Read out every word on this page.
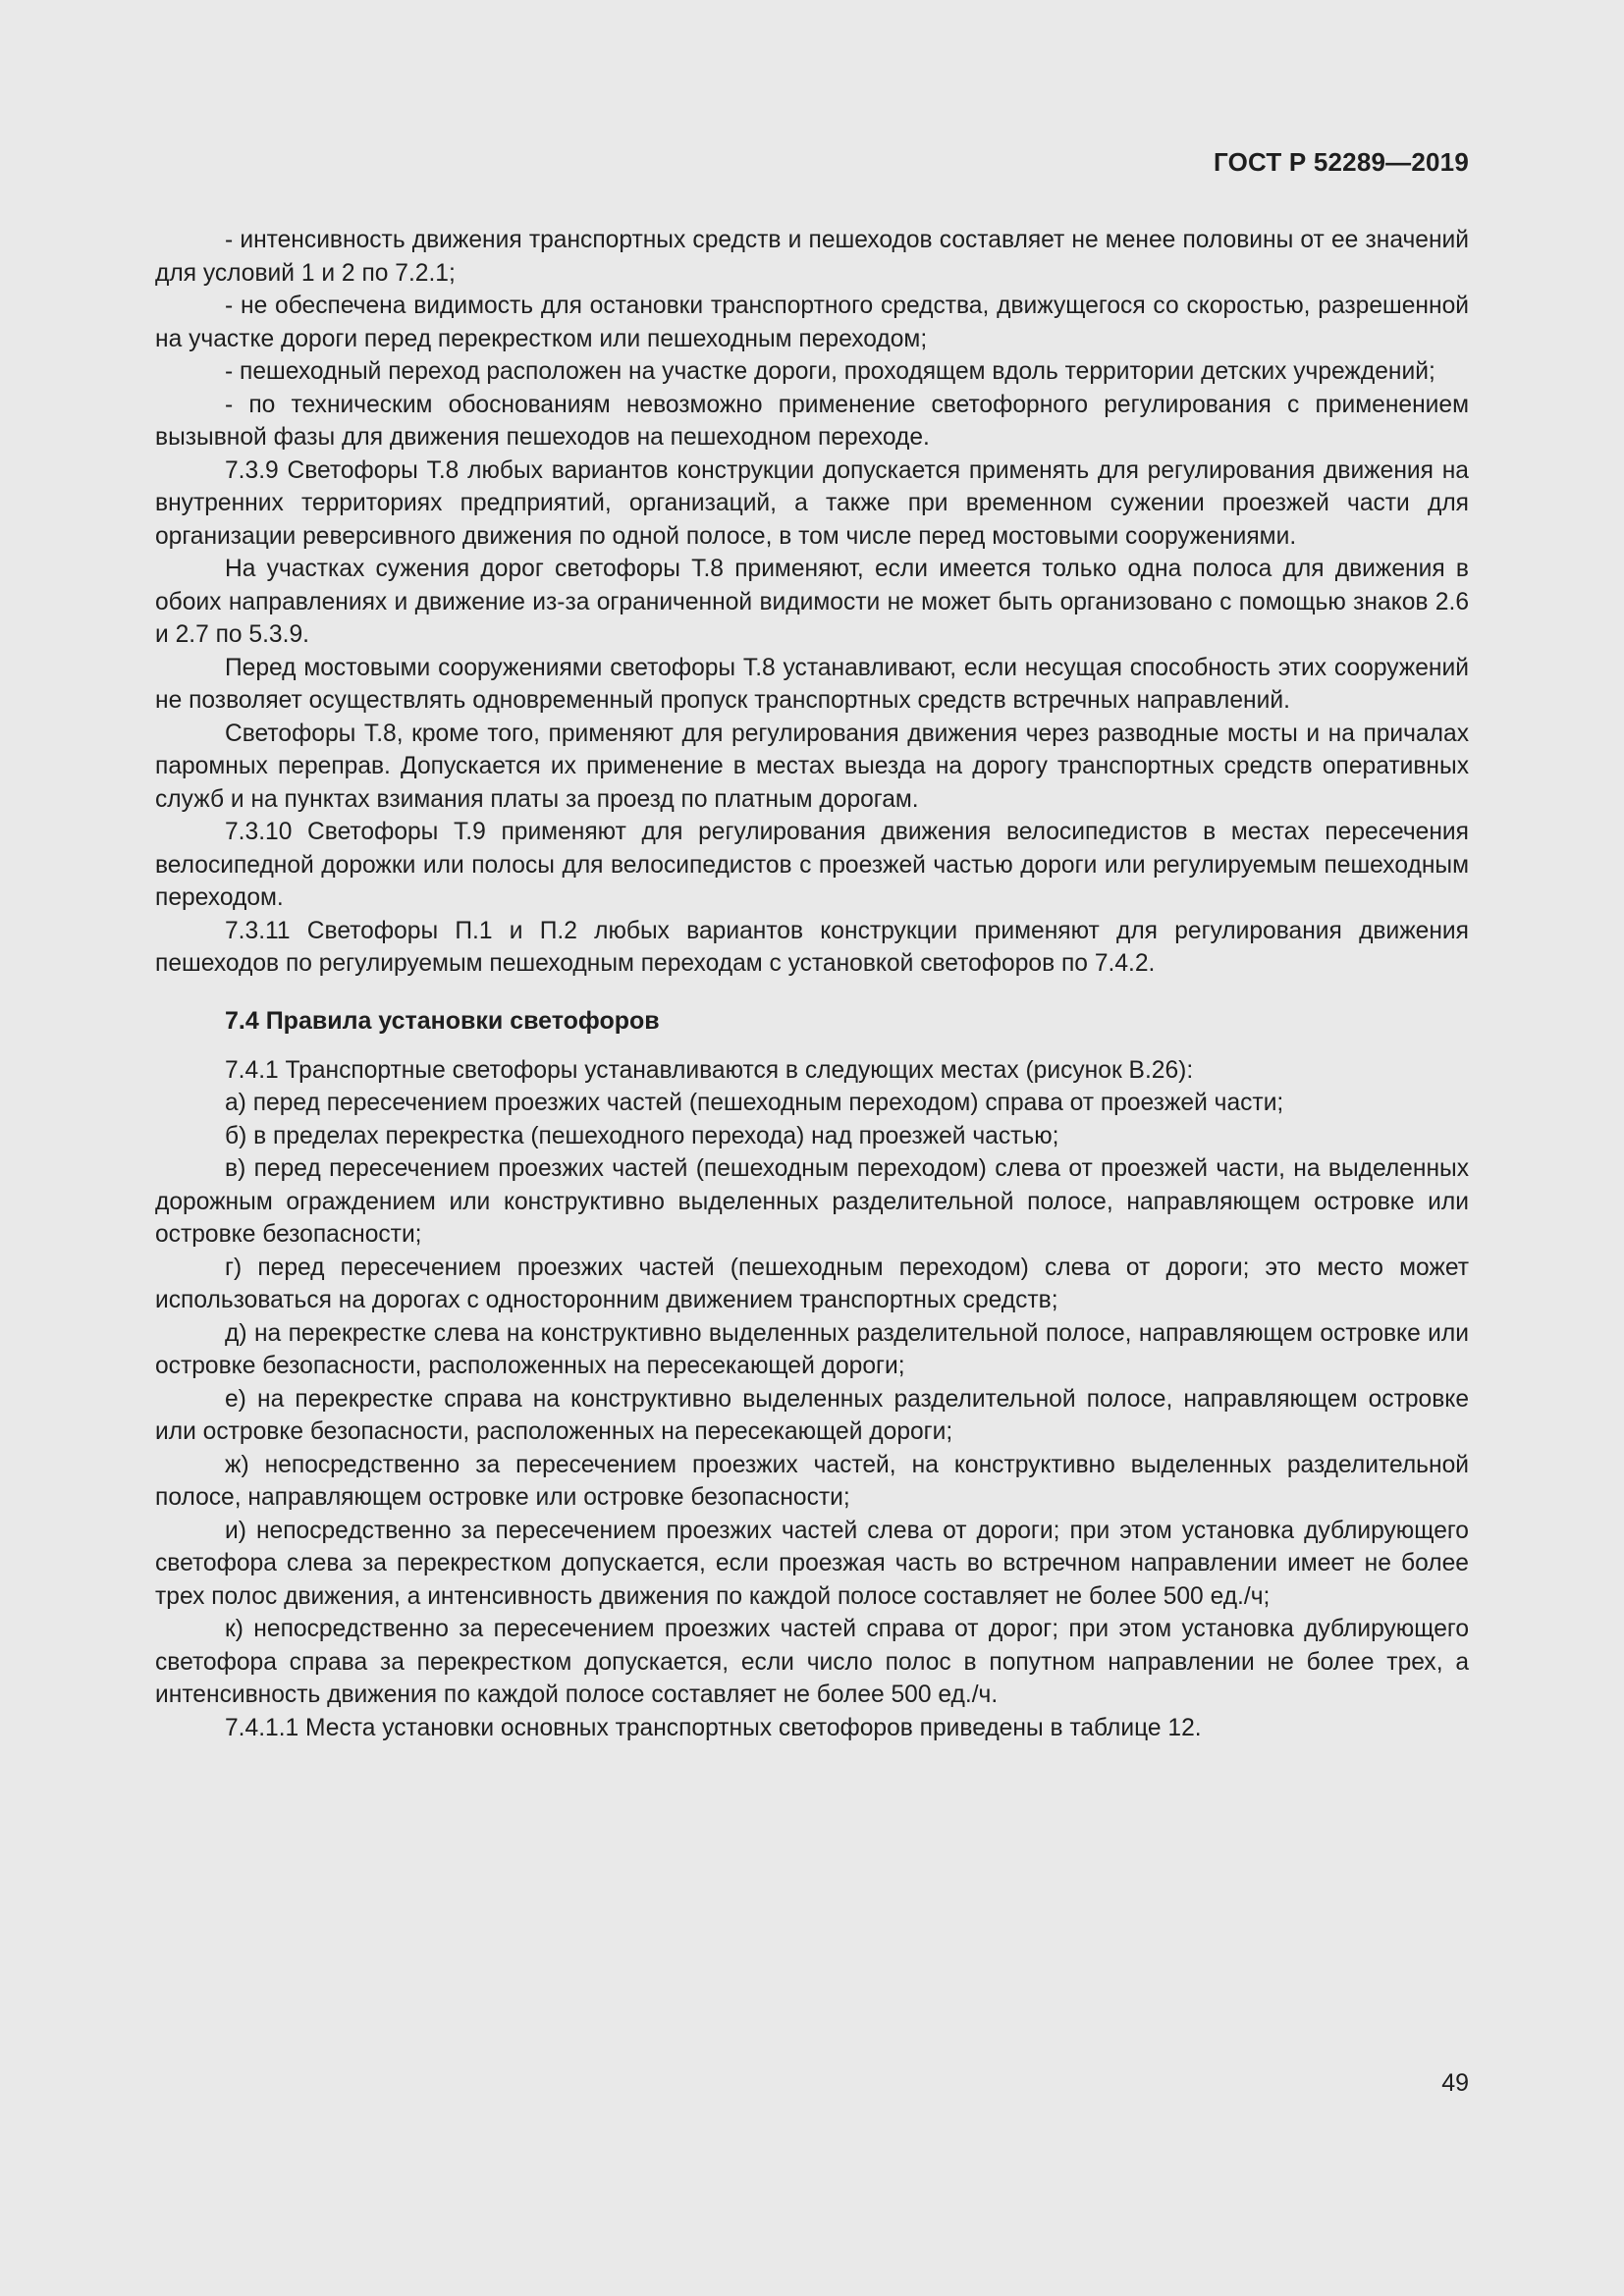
ГОСТ Р 52289—2019

- интенсивность движения транспортных средств и пешеходов составляет не менее половины от ее значений для условий 1 и 2 по 7.2.1;

- не обеспечена видимость для остановки транспортного средства, движущегося со скоростью, разрешенной на участке дороги перед перекрестком или пешеходным переходом;

- пешеходный переход расположен на участке дороги, проходящем вдоль территории детских учреждений;

- по техническим обоснованиям невозможно применение светофорного регулирования с применением вызывной фазы для движения пешеходов на пешеходном переходе.

7.3.9 Светофоры Т.8 любых вариантов конструкции допускается применять для регулирования движения на внутренних территориях предприятий, организаций, а также при временном сужении проезжей части для организации реверсивного движения по одной полосе, в том числе перед мостовыми сооружениями.

На участках сужения дорог светофоры Т.8 применяют, если имеется только одна полоса для движения в обоих направлениях и движение из-за ограниченной видимости не может быть организовано с помощью знаков 2.6 и 2.7 по 5.3.9.

Перед мостовыми сооружениями светофоры Т.8 устанавливают, если несущая способность этих сооружений не позволяет осуществлять одновременный пропуск транспортных средств встречных направлений.

Светофоры Т.8, кроме того, применяют для регулирования движения через разводные мосты и на причалах паромных переправ. Допускается их применение в местах выезда на дорогу транспортных средств оперативных служб и на пунктах взимания платы за проезд по платным дорогам.

7.3.10 Светофоры Т.9 применяют для регулирования движения велосипедистов в местах пересечения велосипедной дорожки или полосы для велосипедистов с проезжей частью дороги или регулируемым пешеходным переходом.

7.3.11 Светофоры П.1 и П.2 любых вариантов конструкции применяют для регулирования движения пешеходов по регулируемым пешеходным переходам с установкой светофоров по 7.4.2.

7.4 Правила установки светофоров

7.4.1 Транспортные светофоры устанавливаются в следующих местах (рисунок В.26):

а) перед пересечением проезжих частей (пешеходным переходом) справа от проезжей части;

б) в пределах перекрестка (пешеходного перехода) над проезжей частью;

в) перед пересечением проезжих частей (пешеходным переходом) слева от проезжей части, на выделенных дорожным ограждением или конструктивно выделенных разделительной полосе, направляющем островке или островке безопасности;

г) перед пересечением проезжих частей (пешеходным переходом) слева от дороги; это место может использоваться на дорогах с односторонним движением транспортных средств;

д) на перекрестке слева на конструктивно выделенных разделительной полосе, направляющем островке или островке безопасности, расположенных на пересекающей дороги;

е) на перекрестке справа на конструктивно выделенных разделительной полосе, направляющем островке или островке безопасности, расположенных на пересекающей дороги;

ж) непосредственно за пересечением проезжих частей, на конструктивно выделенных разделительной полосе, направляющем островке или островке безопасности;

и) непосредственно за пересечением проезжих частей слева от дороги; при этом установка дублирующего светофора слева за перекрестком допускается, если проезжая часть во встречном направлении имеет не более трех полос движения, а интенсивность движения по каждой полосе составляет не более 500 ед./ч;

к) непосредственно за пересечением проезжих частей справа от дорог; при этом установка дублирующего светофора справа за перекрестком допускается, если число полос в попутном направлении не более трех, а интенсивность движения по каждой полосе составляет не более 500 ед./ч.

7.4.1.1 Места установки основных транспортных светофоров приведены в таблице 12.

49
